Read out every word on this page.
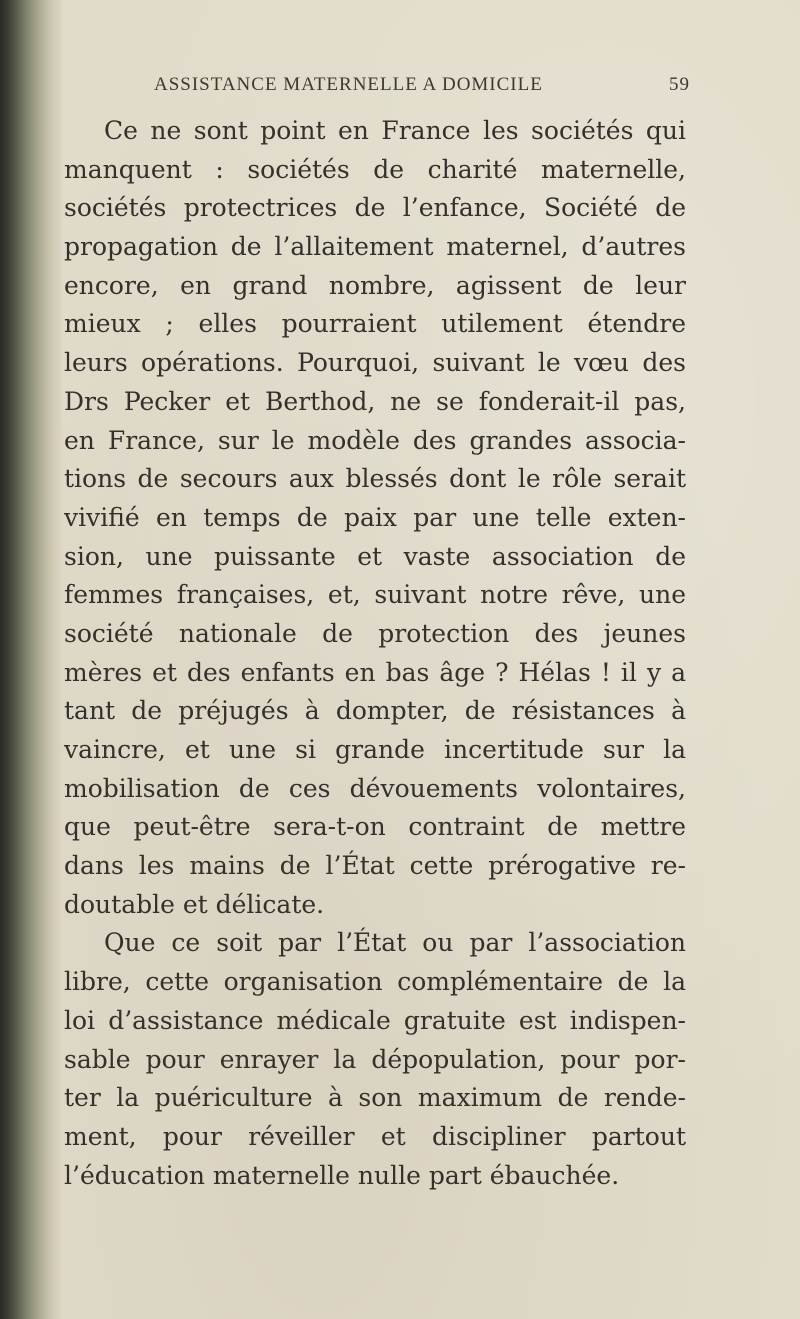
ASSISTANCE MATERNELLE A DOMICILE	59
Ce ne sont point en France les sociétés qui
manquent : sociétés de charité maternelle,
sociétés protectrices de l’enfance, Société de
propagation de l’allaitement maternel, d’autres
encore, en grand nombre, agissent de leur
mieux ; elles pourraient utilement étendre
leurs opérations. Pourquoi, suivant le vœu des
Drs Pecker et Berthod, ne se fonderait-il pas,
en France, sur le modèle des grandes associa-
tions de secours aux blessés dont le rôle serait
vivifié en temps de paix par une telle exten-
sion, une puissante et vaste association de
femmes françaises, et, suivant notre rêve, une
société nationale de protection des jeunes
mères et des enfants en bas âge ? Hélas ! il y a
tant de préjugés à dompter, de résistances à
vaincre, et une si grande incertitude sur la
mobilisation de ces dévouements volontaires,
que peut-être sera-t-on contraint de mettre
dans les mains de l’État cette prérogative re-
doutable et délicate.
Que ce soit par l’État ou par l’association
libre, cette organisation complémentaire de la
loi d’assistance médicale gratuite est indispen-
sable pour enrayer la dépopulation, pour por-
ter la puériculture à son maximum de rende-
ment, pour réveiller et discipliner partout
l’éducation maternelle nulle part ébauchée.
